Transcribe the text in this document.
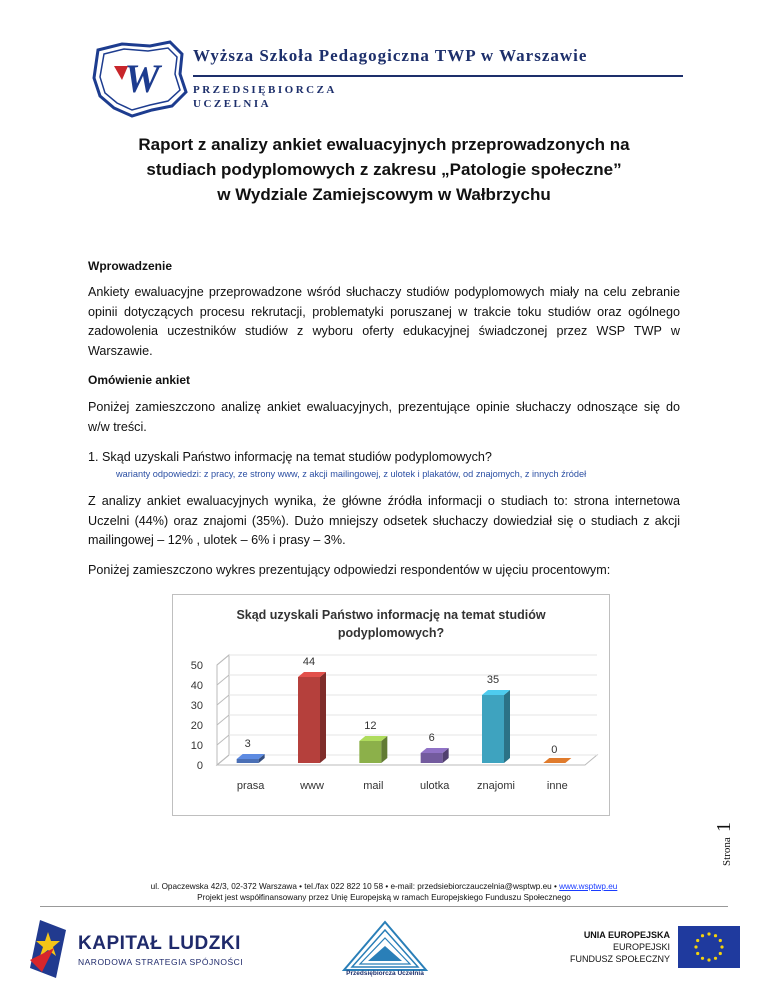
W
Wyższa Szkoła Pedagogiczna TWP w Warszawie
PRZEDSIĘBIORCZA
UCZELNIA
Raport z analizy ankiet ewaluacyjnych przeprowadzonych na
studiach podyplomowych z zakresu „Patologie społeczne”
w Wydziale Zamiejscowym w Wałbrzychu
Wprowadzenie
Ankiety ewaluacyjne przeprowadzone wśród słuchaczy studiów podyplomowych miały na celu zebranie opinii dotyczących procesu rekrutacji, problematyki poruszanej w trakcie toku studiów oraz ogólnego zadowolenia uczestników studiów z wyboru oferty edukacyjnej świadczonej przez WSP TWP w Warszawie.
Omówienie ankiet
Poniżej zamieszczono analizę ankiet ewaluacyjnych, prezentujące opinie słuchaczy odnoszące się do w/w treści.
1. Skąd uzyskali Państwo informację na temat studiów podyplomowych?
warianty odpowiedzi: z pracy, ze strony www, z akcji mailingowej, z ulotek i plakatów, od znajomych, z innych źródeł
Z analizy ankiet ewaluacyjnych wynika, że główne źródła informacji o studiach to: strona internetowa Uczelni (44%) oraz znajomi (35%). Dużo mniejszy odsetek słuchaczy dowiedział się o studiach z akcji mailingowej – 12% , ulotek – 6% i prasy – 3%.
Poniżej zamieszczono wykres prezentujący odpowiedzi respondentów w ujęciu procentowym:
Skąd uzyskali Państwo informację na temat studiów
podyplomowych?
0
10
20
30
40
50
3
prasa
44
www
12
mail
6
ulotka
35
znajomi
0
inne
Strona
1
ul. Opaczewska 42/3, 02-372 Warszawa • tel./fax 022 822 10 58 • e-mail: przedsiebiorczauczelnia@wsptwp.eu • www.wsptwp.eu
Projekt jest współfinansowany przez Unię Europejską w ramach Europejskiego Funduszu Społecznego
KAPITAŁ LUDZKI
NARODOWA STRATEGIA SPÓJNOŚCI
Przedsiębiorcza Uczelnia
UNIA EUROPEJSKA
EUROPEJSKI
FUNDUSZ SPOŁECZNY
